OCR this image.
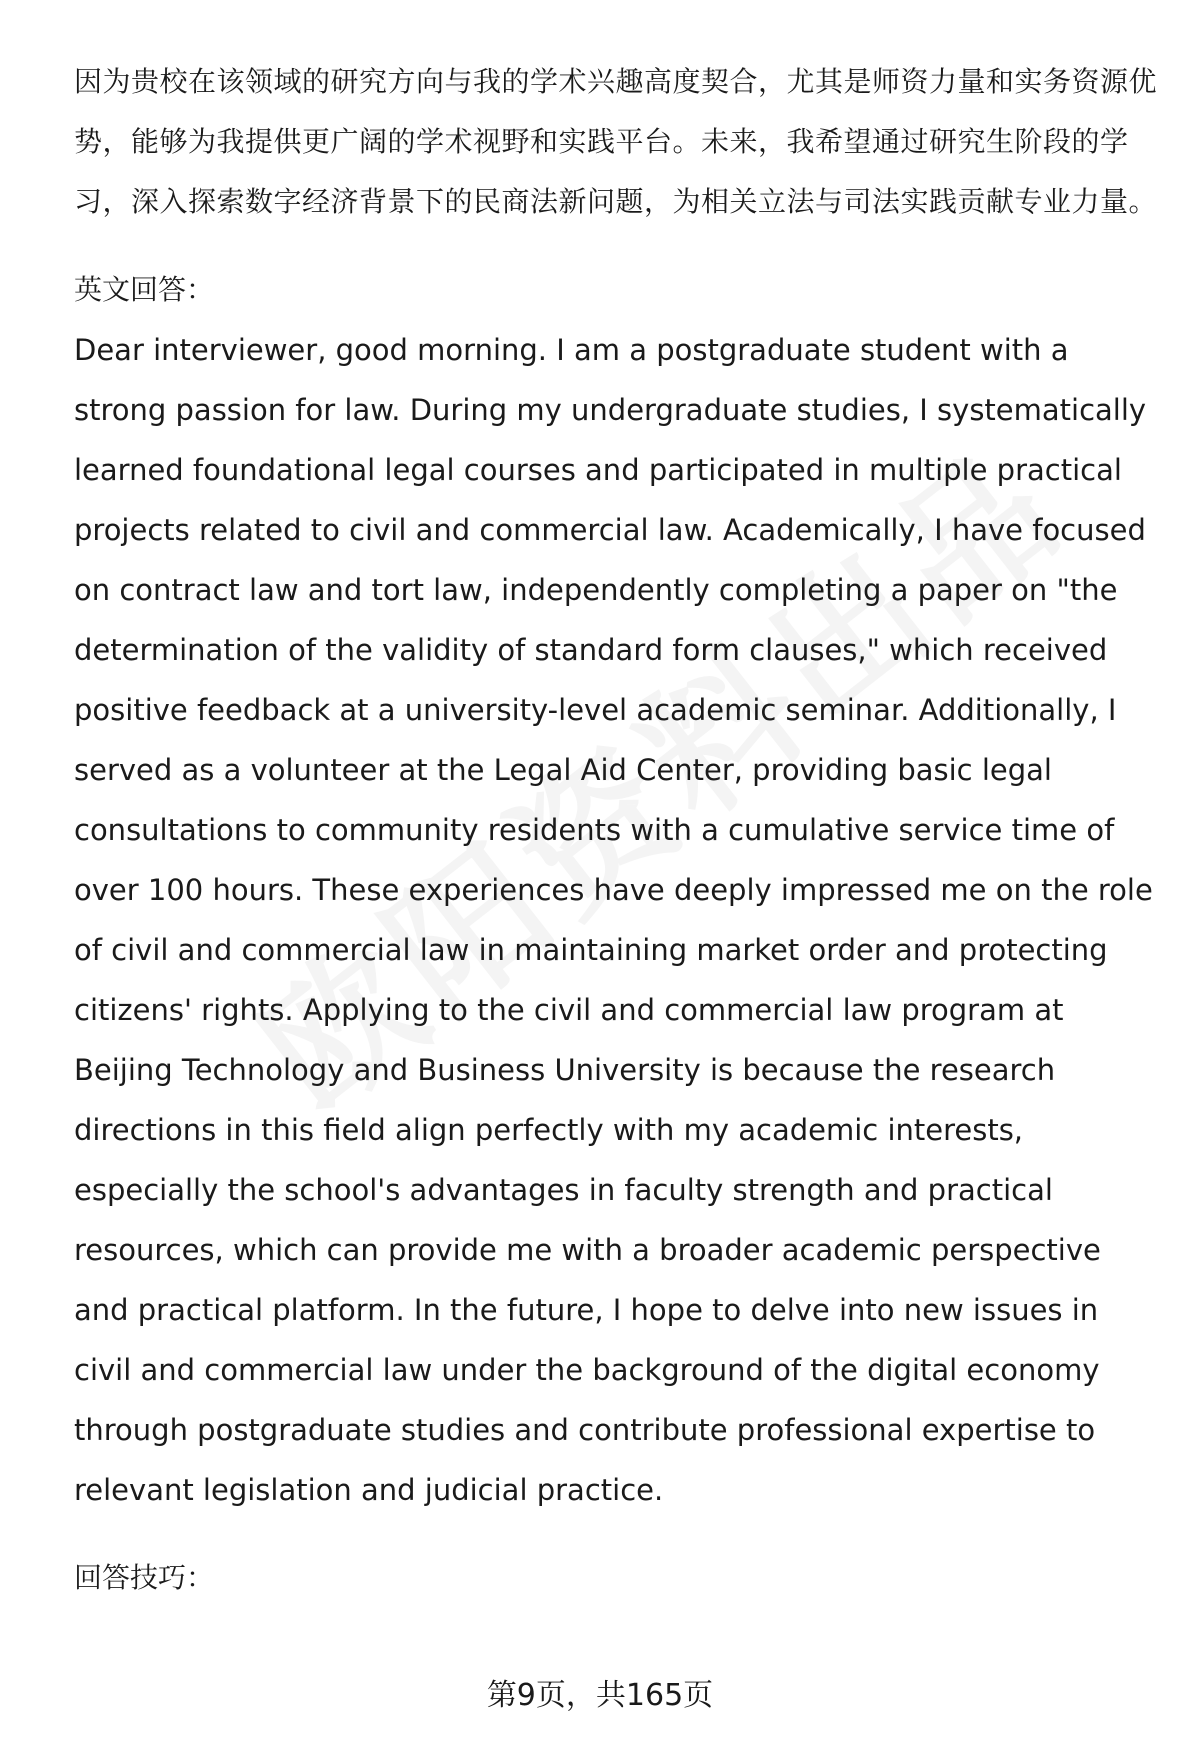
因为贵校在该领域的研究方向与我的学术兴趣高度契合，尤其是师资力量和实务资源优势，能够为我提供更广阔的学术视野和实践平台。未来，我希望通过研究生阶段的学习，深入探索数字经济背景下的民商法新问题，为相关立法与司法实践贡献专业力量。

英文回答：

Dear interviewer, good morning. I am a postgraduate student with a strong passion for law. During my undergraduate studies, I systematically learned foundational legal courses and participated in multiple practical projects related to civil and commercial law. Academically, I have focused on contract law and tort law, independently completing a paper on "the determination of the validity of standard form clauses," which received positive feedback at a university-level academic seminar. Additionally, I served as a volunteer at the Legal Aid Center, providing basic legal consultations to community residents with a cumulative service time of over 100 hours. These experiences have deeply impressed me on the role of civil and commercial law in maintaining market order and protecting citizens' rights. Applying to the civil and commercial law program at Beijing Technology and Business University is because the research directions in this field align perfectly with my academic interests, especially the school's advantages in faculty strength and practical resources, which can provide me with a broader academic perspective and practical platform. In the future, I hope to delve into new issues in civil and commercial law under the background of the digital economy through postgraduate studies and contribute professional expertise to relevant legislation and judicial practice.

回答技巧：

第9页，共165页
